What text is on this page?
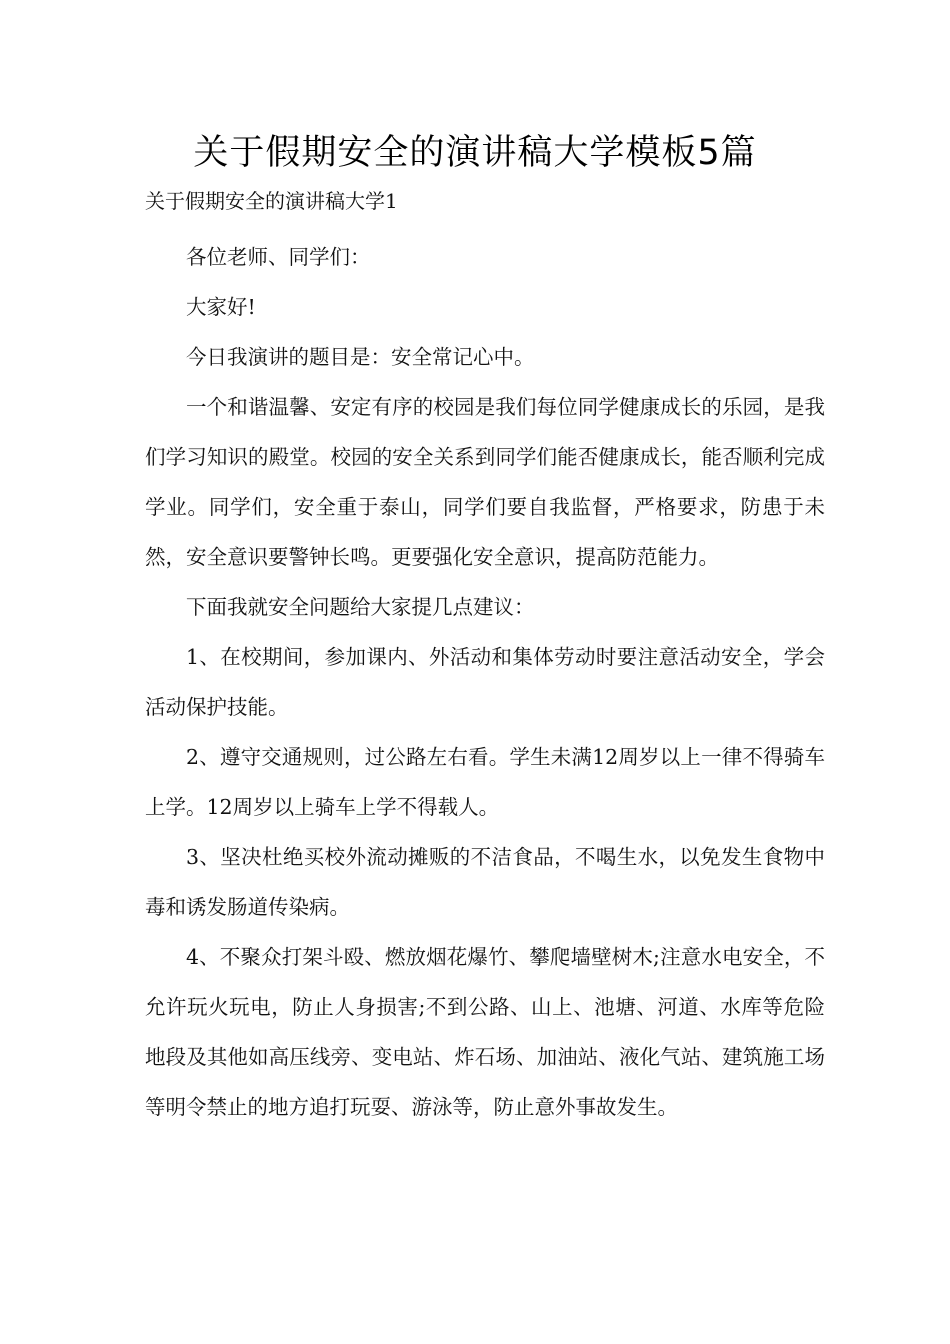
关于假期安全的演讲稿大学模板5篇
关于假期安全的演讲稿大学1

各位老师、同学们：

大家好!

今日我演讲的题目是：安全常记心中。

一个和谐温馨、安定有序的校园是我们每位同学健康成长的乐园，是我们学习知识的殿堂。校园的安全关系到同学们能否健康成长，能否顺利完成学业。同学们，安全重于泰山，同学们要自我监督，严格要求，防患于未然，安全意识要警钟长鸣。更要强化安全意识，提高防范能力。

下面我就安全问题给大家提几点建议：

1、在校期间，参加课内、外活动和集体劳动时要注意活动安全，学会活动保护技能。

2、遵守交通规则，过公路左右看。学生未满12周岁以上一律不得骑车上学。12周岁以上骑车上学不得载人。

3、坚决杜绝买校外流动摊贩的不洁食品，不喝生水，以免发生食物中毒和诱发肠道传染病。

4、不聚众打架斗殴、燃放烟花爆竹、攀爬墙壁树木;注意水电安全，不允许玩火玩电，防止人身损害;不到公路、山上、池塘、河道、水库等危险地段及其他如高压线旁、变电站、炸石场、加油站、液化气站、建筑施工场等明令禁止的地方追打玩耍、游泳等，防止意外事故发生。
